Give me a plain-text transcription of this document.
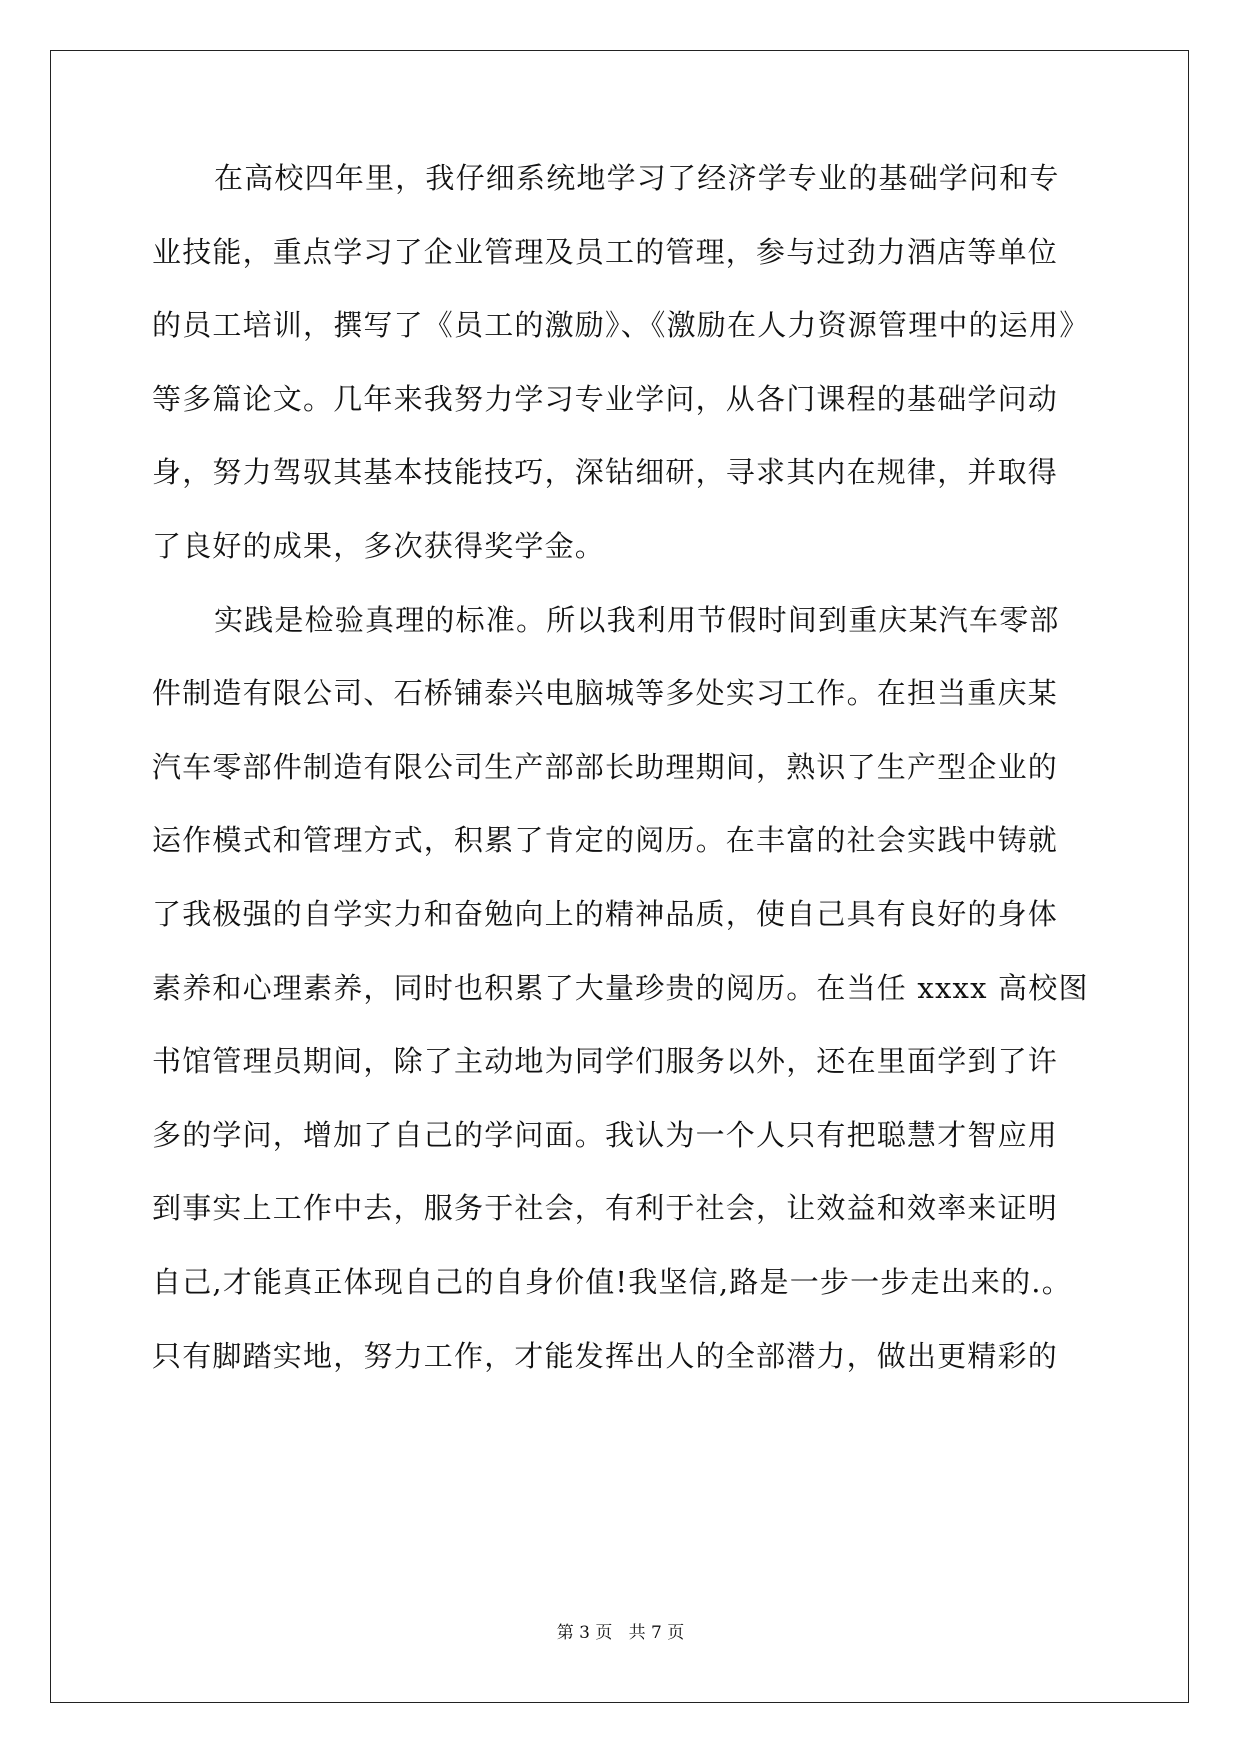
在高校四年里，我仔细系统地学习了经济学专业的基础学问和专
业技能，重点学习了企业管理及员工的管理，参与过劲力酒店等单位
的员工培训，撰写了《员工的激励》、《激励在人力资源管理中的运用》
等多篇论文。几年来我努力学习专业学问，从各门课程的基础学问动
身，努力驾驭其基本技能技巧，深钻细研，寻求其内在规律，并取得
了良好的成果，多次获得奖学金。
实践是检验真理的标准。所以我利用节假时间到重庆某汽车零部
件制造有限公司、石桥铺泰兴电脑城等多处实习工作。在担当重庆某
汽车零部件制造有限公司生产部部长助理期间，熟识了生产型企业的
运作模式和管理方式，积累了肯定的阅历。在丰富的社会实践中铸就
了我极强的自学实力和奋勉向上的精神品质，使自己具有良好的身体
素养和心理素养，同时也积累了大量珍贵的阅历。在当任 xxxx 高校图
书馆管理员期间，除了主动地为同学们服务以外，还在里面学到了许
多的学问，增加了自己的学问面。我认为一个人只有把聪慧才智应用
到事实上工作中去，服务于社会，有利于社会，让效益和效率来证明
自己,才能真正体现自己的自身价值!我坚信,路是一步一步走出来的.。
只有脚踏实地，努力工作，才能发挥出人的全部潜力，做出更精彩的
第 3 页 共 7 页
